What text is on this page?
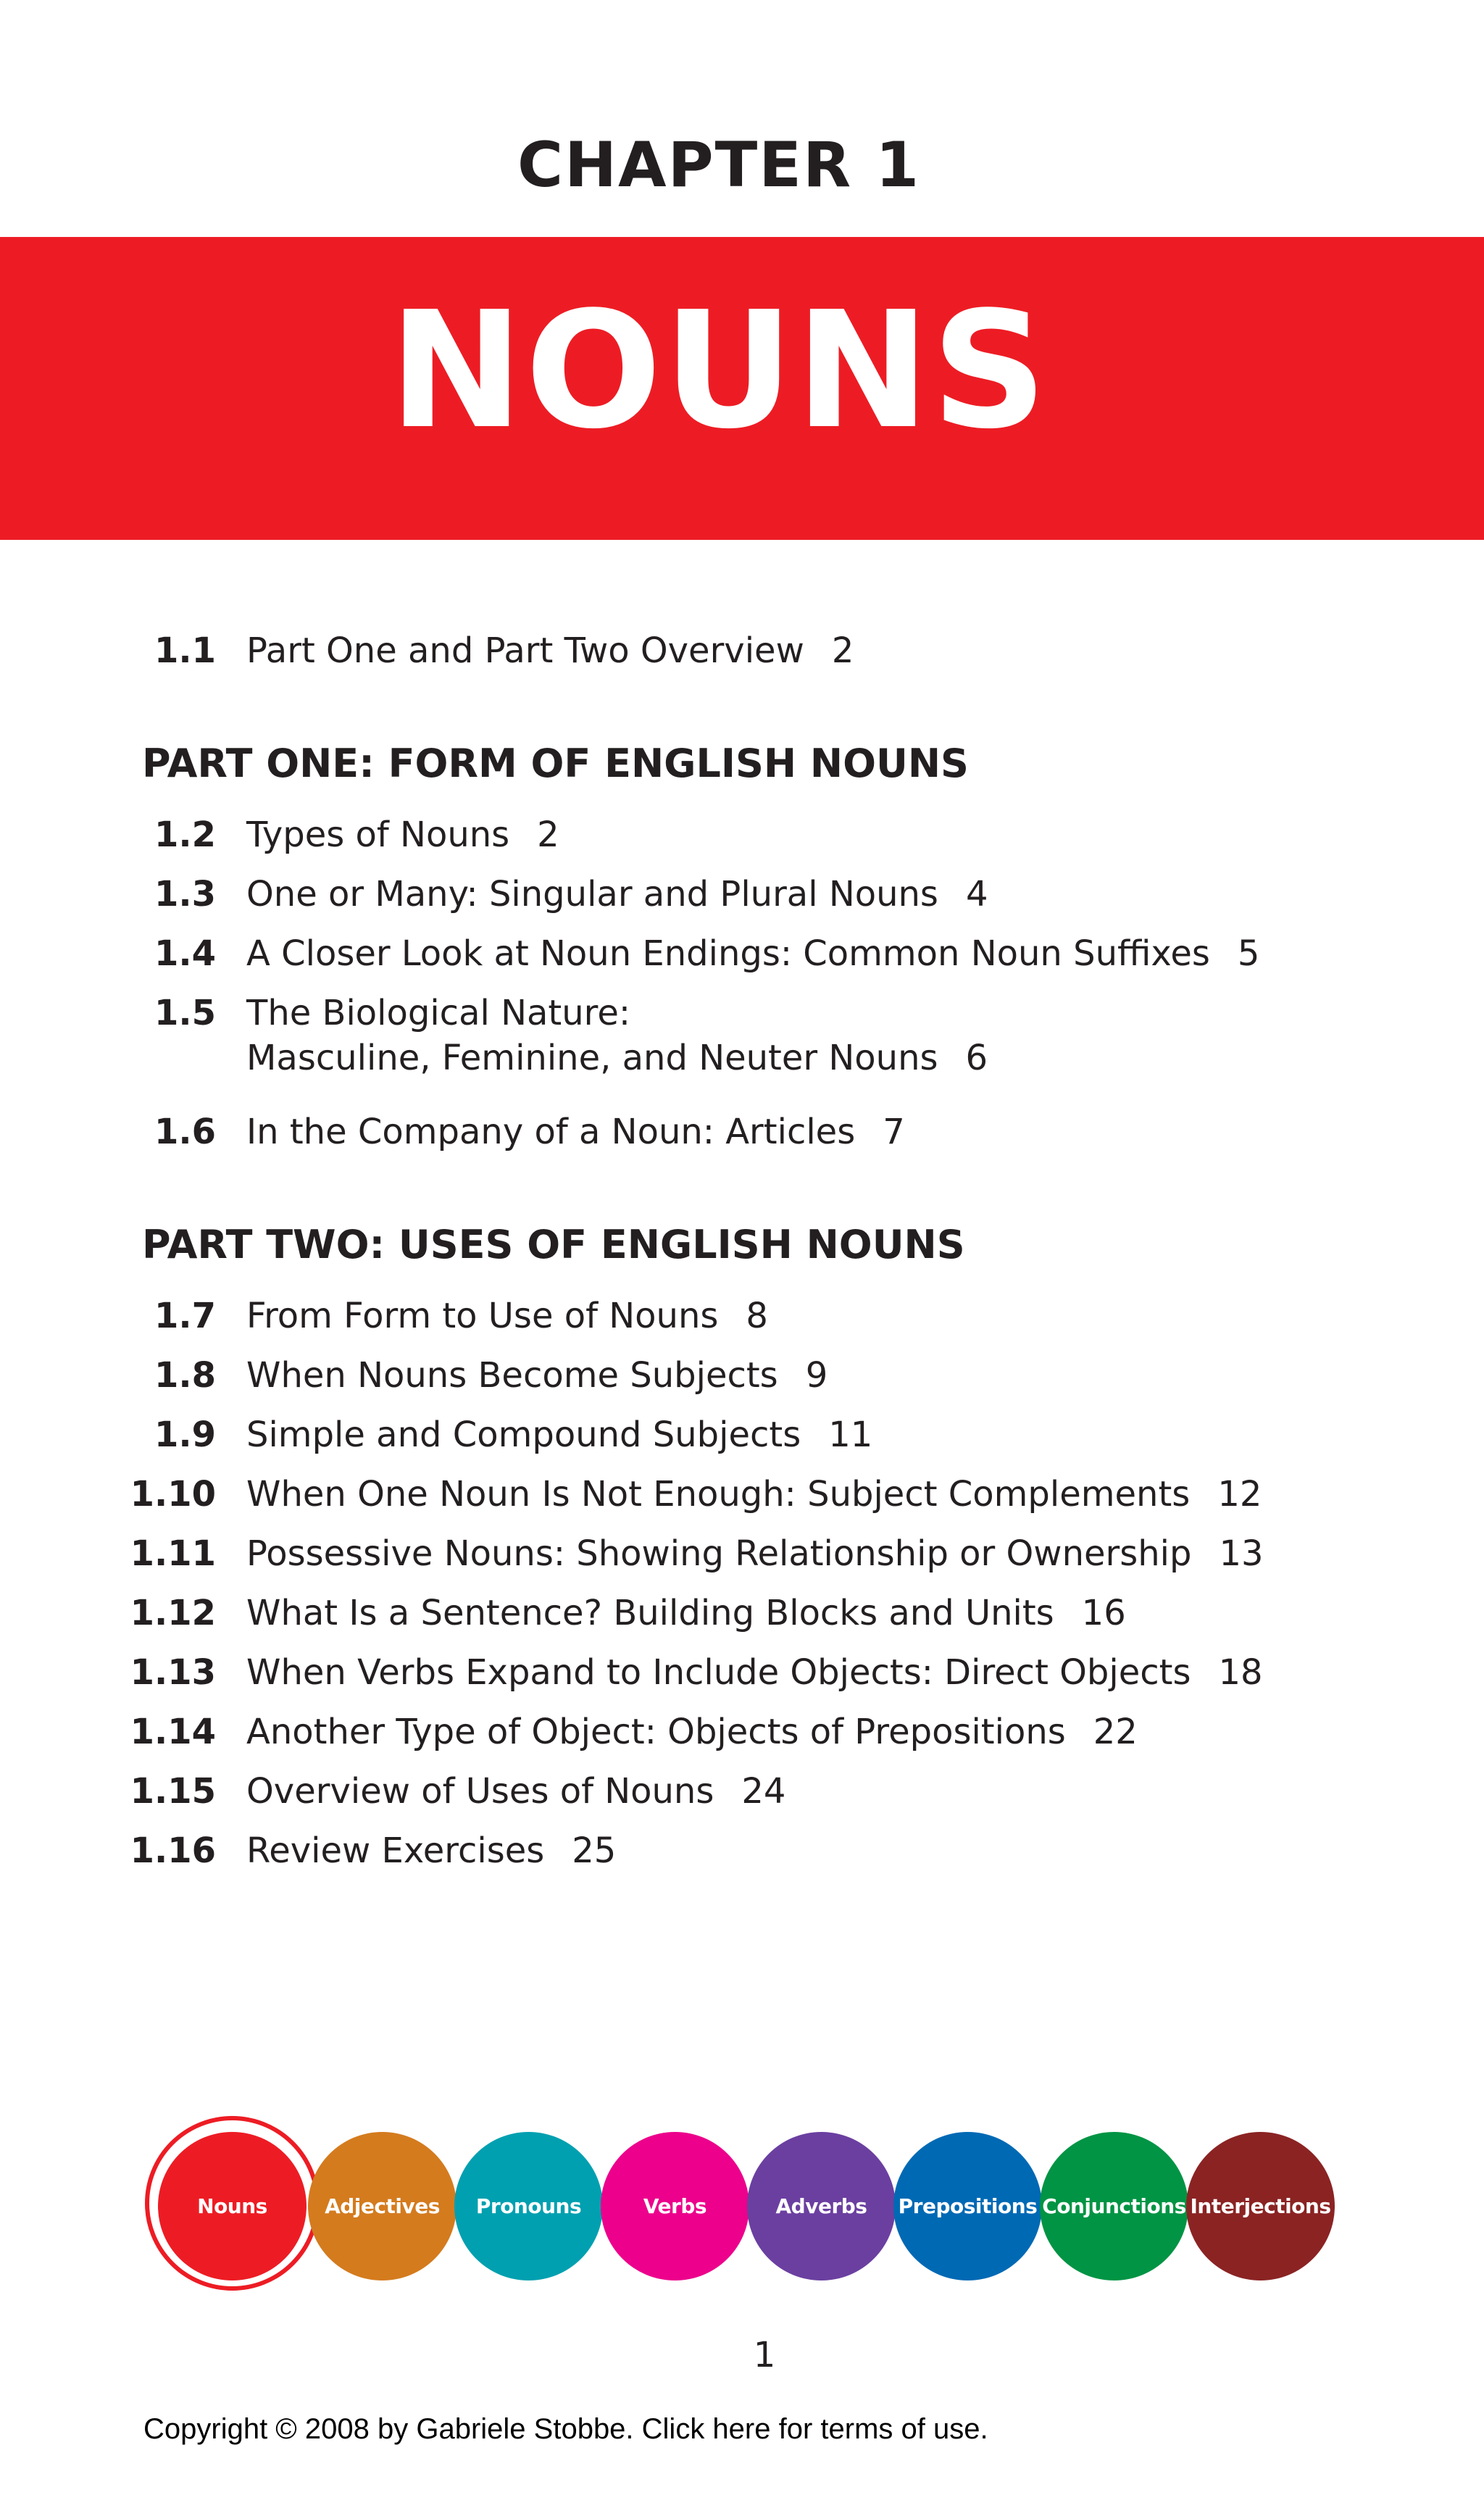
CHAPTER 1
NOUNS
1.1 Part One and Part Two Overview 2
PART ONE: FORM OF ENGLISH NOUNS
1.2 Types of Nouns 2
1.3 One or Many: Singular and Plural Nouns 4
1.4 A Closer Look at Noun Endings: Common Noun Suffixes 5
1.5 The Biological Nature:
Masculine, Feminine, and Neuter Nouns 6
1.6 In the Company of a Noun: Articles 7
PART TWO: USES OF ENGLISH NOUNS
1.7 From Form to Use of Nouns 8
1.8 When Nouns Become Subjects 9
1.9 Simple and Compound Subjects 11
1.10 When One Noun Is Not Enough: Subject Complements 12
1.11 Possessive Nouns: Showing Relationship or Ownership 13
1.12 What Is a Sentence? Building Blocks and Units 16
1.13 When Verbs Expand to Include Objects: Direct Objects 18
1.14 Another Type of Object: Objects of Prepositions 22
1.15 Overview of Uses of Nouns 24
1.16 Review Exercises 25
Nouns	Adjectives Pronouns	Verbs	Adverbs Prepositions Conjunctions Interjections
1
Copyright © 2008 by Gabriele Stobbe. Click here for terms of use.
